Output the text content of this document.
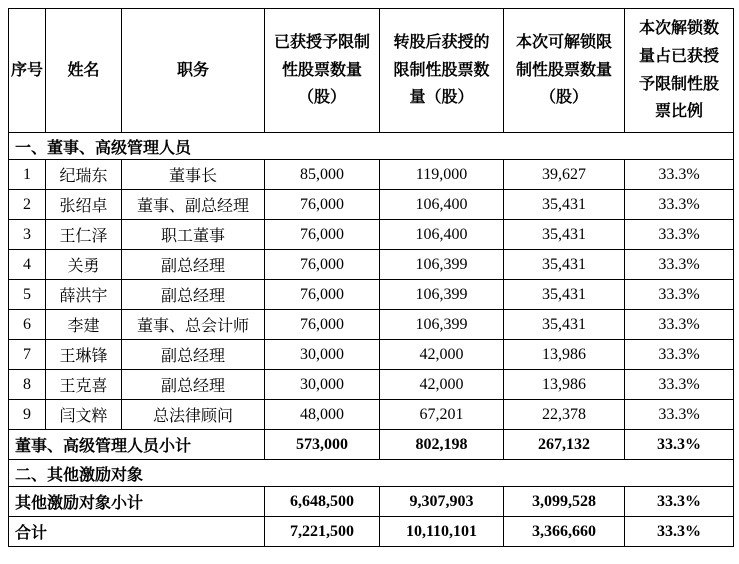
序号	姓名	职务	已获授予限制性股票数量（股）	转股后获授的限制性股票数量（股）	本次可解锁限制性股票数量（股）	本次解锁数量占已获授予限制性股票比例
一、董事、高级管理人员						
1	纪瑞东	董事长	85,000	119,000	39,627	33.3%
2	张绍卓	董事、副总经理	76,000	106,400	35,431	33.3%
3	王仁泽	职工董事	76,000	106,400	35,431	33.3%
4	关勇	副总经理	76,000	106,399	35,431	33.3%
5	薛洪宇	副总经理	76,000	106,399	35,431	33.3%
6	李建	董事、总会计师	76,000	106,399	35,431	33.3%
7	王琳锋	副总经理	30,000	42,000	13,986	33.3%
8	王克喜	副总经理	30,000	42,000	13,986	33.3%
9	闫文粹	总法律顾问	48,000	67,201	22,378	33.3%
董事、高级管理人员小计			573,000	802,198	267,132	33.3%
二、其他激励对象						
其他激励对象小计			6,648,500	9,307,903	3,099,528	33.3%
合计			7,221,500	10,110,101	3,366,660	33.3%
